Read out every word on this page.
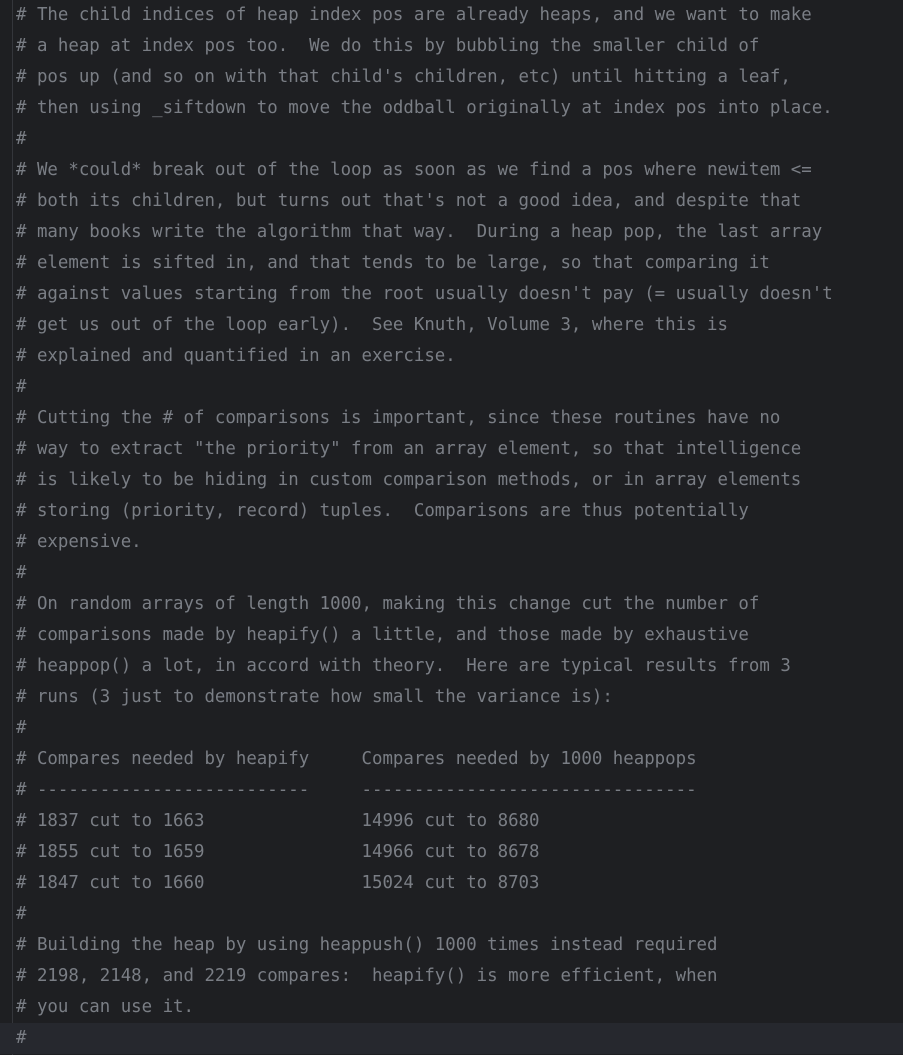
# The child indices of heap index pos are already heaps, and we want to make
# a heap at index pos too.  We do this by bubbling the smaller child of
# pos up (and so on with that child's children, etc) until hitting a leaf,
# then using _siftdown to move the oddball originally at index pos into place.
#
# We *could* break out of the loop as soon as we find a pos where newitem <=
# both its children, but turns out that's not a good idea, and despite that
# many books write the algorithm that way.  During a heap pop, the last array
# element is sifted in, and that tends to be large, so that comparing it
# against values starting from the root usually doesn't pay (= usually doesn't
# get us out of the loop early).  See Knuth, Volume 3, where this is
# explained and quantified in an exercise.
#
# Cutting the # of comparisons is important, since these routines have no
# way to extract "the priority" from an array element, so that intelligence
# is likely to be hiding in custom comparison methods, or in array elements
# storing (priority, record) tuples.  Comparisons are thus potentially
# expensive.
#
# On random arrays of length 1000, making this change cut the number of
# comparisons made by heapify() a little, and those made by exhaustive
# heappop() a lot, in accord with theory.  Here are typical results from 3
# runs (3 just to demonstrate how small the variance is):
#
# Compares needed by heapify     Compares needed by 1000 heappops
# --------------------------     --------------------------------
# 1837 cut to 1663               14996 cut to 8680
# 1855 cut to 1659               14966 cut to 8678
# 1847 cut to 1660               15024 cut to 8703
#
# Building the heap by using heappush() 1000 times instead required
# 2198, 2148, and 2219 compares:  heapify() is more efficient, when
# you can use it.
#
